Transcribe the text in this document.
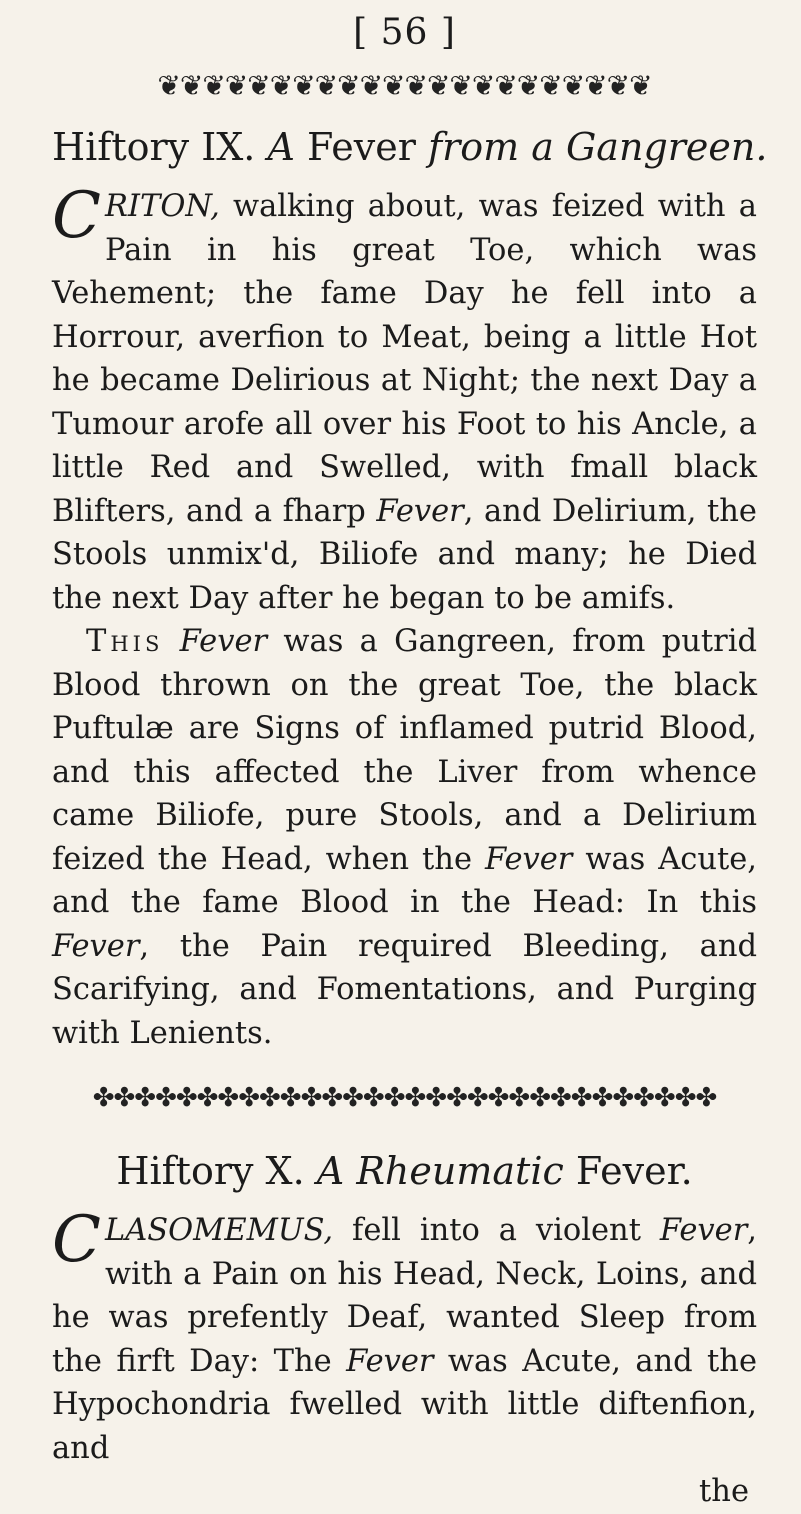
[ 56 ]
❦❦❦❦❦❦❦❦❦❦❦❦❦❦❦❦❦❦❦❦❦❦
Hiftory IX. A Fever from a Gangreen.

CRITON, walking about, was feized with a Pain in his great Toe, which was Vehement; the fame Day he fell into a Horrour, averfion to Meat, being a little Hot he became Delirious at Night; the next Day a Tumour arofe all over his Foot to his Ancle, a little Red and Swelled, with fmall black Blifters, and a fharp Fever, and Delirium, the Stools unmix'd, Biliofe and many; he Died the next Day after he began to be amifs.

This Fever was a Gangreen, from putrid Blood thrown on the great Toe, the black Puftulæ are Signs of inflamed putrid Blood, and this affected the Liver from whence came Biliofe, pure Stools, and a Delirium feized the Head, when the Fever was Acute, and the fame Blood in the Head: In this Fever, the Pain required Bleeding, and Scarifying, and Fomentations, and Purging with Lenients.

✤✤✤✤✤✤✤✤✤✤✤✤✤✤✤✤✤✤✤✤✤✤✤✤✤✤✤✤✤✤
Hiftory X. A Rheumatic Fever.

CLASOMEMUS, fell into a violent Fever, with a Pain on his Head, Neck, Loins, and he was prefently Deaf, wanted Sleep from the firft Day: The Fever was Acute, and the Hypochondria fwelled with little diftenfion, and

the
